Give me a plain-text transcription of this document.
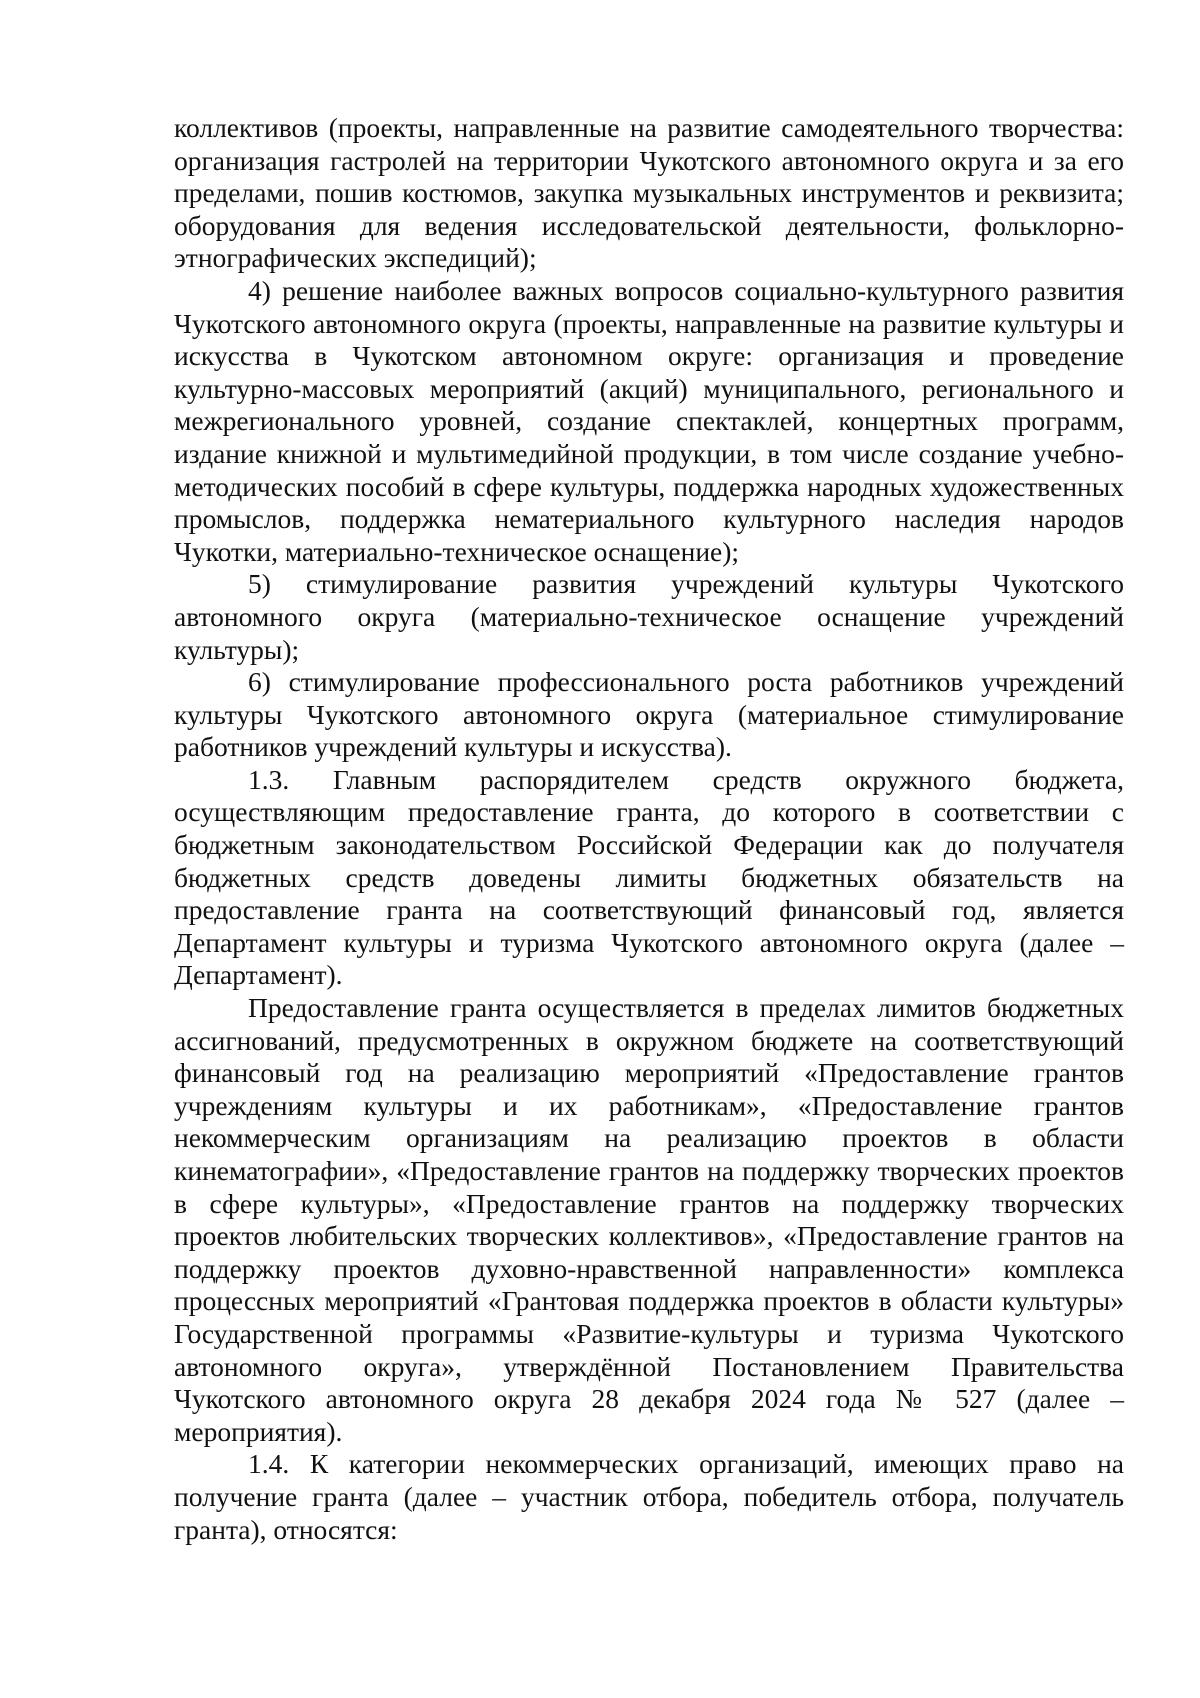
коллективов (проекты, направленные на развитие самодеятельного творчества: организация гастролей на территории Чукотского автономного округа и за его пределами, пошив костюмов, закупка музыкальных инструментов и реквизита; оборудования для ведения исследовательской деятельности, фольклорно-этнографических экспедиций);

4) решение наиболее важных вопросов социально-культурного развития Чукотского автономного округа (проекты, направленные на развитие культуры и искусства в Чукотском автономном округе: организация и проведение культурно-массовых мероприятий (акций) муниципального, регионального и межрегионального уровней, создание спектаклей, концертных программ, издание книжной и мультимедийной продукции, в том числе создание учебно-методических пособий в сфере культуры, поддержка народных художественных промыслов, поддержка нематериального культурного наследия народов Чукотки, материально-техническое оснащение);

5) стимулирование развития учреждений культуры Чукотского автономного округа (материально-техническое оснащение учреждений культуры);

6) стимулирование профессионального роста работников учреждений культуры Чукотского автономного округа (материальное стимулирование работников учреждений культуры и искусства).

1.3. Главным распорядителем средств окружного бюджета, осуществляющим предоставление гранта, до которого в соответствии с бюджетным законодательством Российской Федерации как до получателя бюджетных средств доведены лимиты бюджетных обязательств на предоставление гранта на соответствующий финансовый год, является Департамент культуры и туризма Чукотского автономного округа (далее – Департамент).

Предоставление гранта осуществляется в пределах лимитов бюджетных ассигнований, предусмотренных в окружном бюджете на соответствующий финансовый год на реализацию мероприятий «Предоставление грантов учреждениям культуры и их работникам», «Предоставление грантов некоммерческим организациям на реализацию проектов в области кинематографии», «Предоставление грантов на поддержку творческих проектов в сфере культуры», «Предоставление грантов на поддержку творческих проектов любительских творческих коллективов», «Предоставление грантов на поддержку проектов духовно-нравственной направленности» комплекса процессных мероприятий «Грантовая поддержка проектов в области культуры» Государственной программы «Развитие-культуры и туризма Чукотского автономного округа», утверждённой Постановлением Правительства Чукотского автономного округа 28 декабря 2024 года № 527 (далее – мероприятия).

1.4. К категории некоммерческих организаций, имеющих право на получение гранта (далее – участник отбора, победитель отбора, получатель гранта), относятся:
